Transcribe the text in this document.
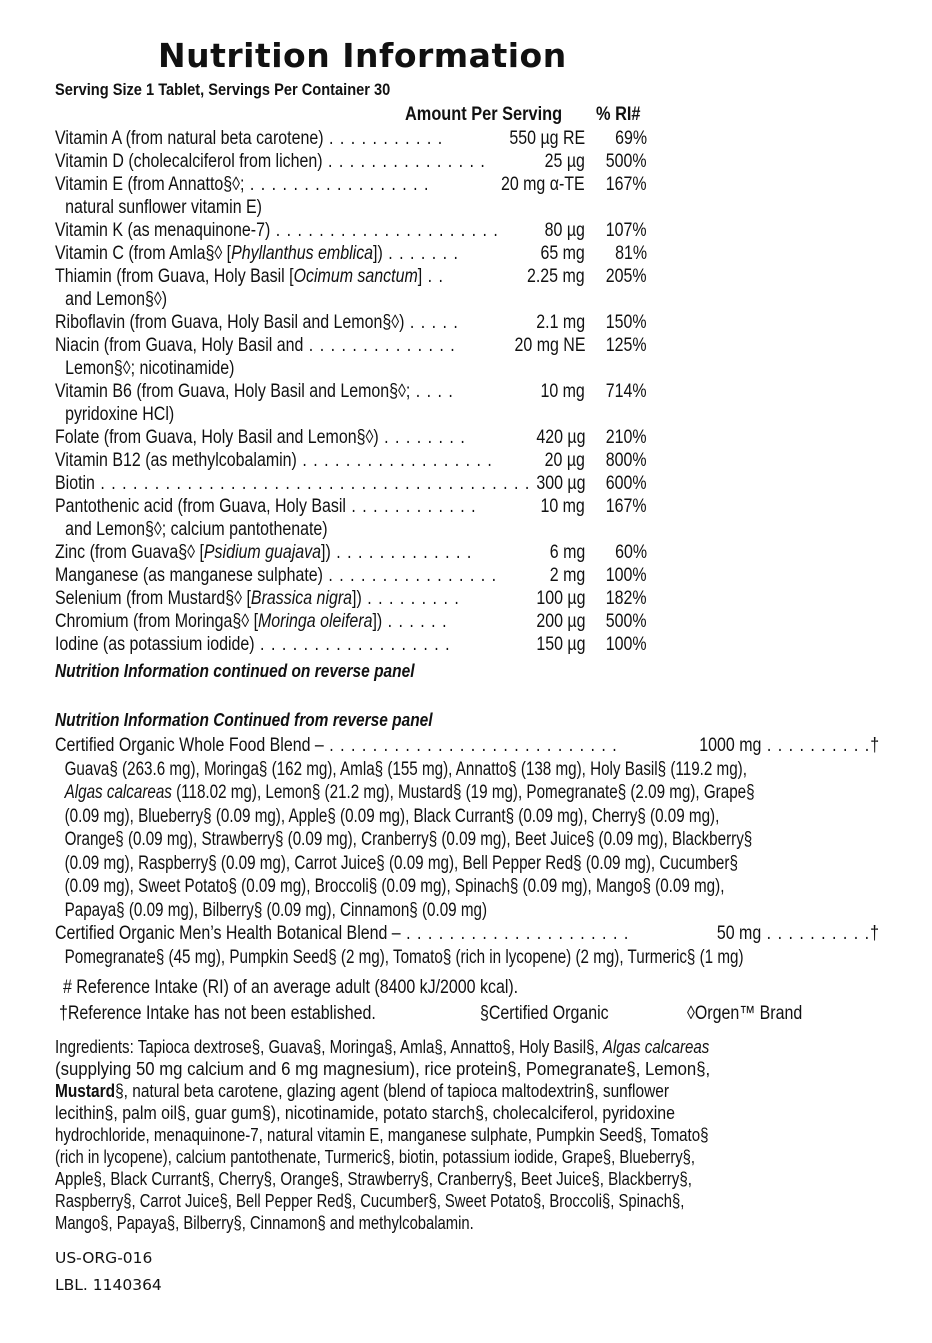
Nutrition Information
Serving Size 1 Tablet, Servings Per Container 30
Amount Per Serving % RI#
Vitamin A (from natural beta carotene) . . . . . . . . . . .	550 µg RE 69%
Vitamin D (cholecalciferol from lichen) . . . . . . . . . . . . . . .	25 µg 500%
Vitamin E (from Annatto§◊; . . . . . . . . . . . . . . . . .	20 mg α-TE 167%
natural sunflower vitamin E)
Vitamin K (as menaquinone-7) . . . . . . . . . . . . . . . . . . . . . 80 µg 107%
Vitamin C (from Amla§◊ [Phyllanthus emblica]) . . . . . . .	65 mg 81%
Thiamin (from Guava, Holy Basil [Ocimum sanctum] . .	2.25 mg 205%
and Lemon§◊)
Riboflavin (from Guava, Holy Basil and Lemon§◊) . . . . .	2.1 mg 150%
Niacin (from Guava, Holy Basil and . . . . . . . . . . . . . .	20 mg NE 125%
Lemon§◊; nicotinamide)
Vitamin B6 (from Guava, Holy Basil and Lemon§◊; . . . .	10 mg 714%
pyridoxine HCl)
Folate (from Guava, Holy Basil and Lemon§◊) . . . . . . . .	420 µg 210%
Vitamin B12 (as methylcobalamin) . . . . . . . . . . . . . . . . . .	20 µg 800%
Biotin . . . . . . . . . . . . . . . . . . . . . . . . . . . . . . . . . . . . . . . . 300 µg 600%
Pantothenic acid (from Guava, Holy Basil . . . . . . . . . . . .	10 mg 167%
and Lemon§◊; calcium pantothenate)
Zinc (from Guava§◊ [Psidium guajava]) . . . . . . . . . . . . .	6 mg 60%
Manganese (as manganese sulphate) . . . . . . . . . . . . . . . .	2 mg 100%
Selenium (from Mustard§◊ [Brassica nigra]) . . . . . . . . .	100 µg 182%
Chromium (from Moringa§◊ [Moringa oleifera]) . . . . . .	200 µg 500%
Iodine (as potassium iodide) . . . . . . . . . . . . . . . . . .	150 µg 100%
Nutrition Information continued on reverse panel
Nutrition Information Continued from reverse panel
Certified Organic Whole Food Blend – . . . . . . . . . . . . . . . . . . . . . . . . . . .	1000 mg . . . . . . . . . .†
Guava§ (263.6 mg), Moringa§ (162 mg), Amla§ (155 mg), Annatto§ (138 mg), Holy Basil§ (119.2 mg),
Algas calcareas (118.02 mg), Lemon§ (21.2 mg), Mustard§ (19 mg), Pomegranate§ (2.09 mg), Grape§
(0.09 mg), Blueberry§ (0.09 mg), Apple§ (0.09 mg), Black Currant§ (0.09 mg), Cherry§ (0.09 mg),
Orange§ (0.09 mg), Strawberry§ (0.09 mg), Cranberry§ (0.09 mg), Beet Juice§ (0.09 mg), Blackberry§
(0.09 mg), Raspberry§ (0.09 mg), Carrot Juice§ (0.09 mg), Bell Pepper Red§ (0.09 mg), Cucumber§
(0.09 mg), Sweet Potato§ (0.09 mg), Broccoli§ (0.09 mg), Spinach§ (0.09 mg), Mango§ (0.09 mg),
Papaya§ (0.09 mg), Bilberry§ (0.09 mg), Cinnamon§ (0.09 mg)
Certified Organic Men’s Health Botanical Blend – . . . . . . . . . . . . . . . . . . . . .	50 mg . . . . . . . . . .†
Pomegranate§ (45 mg), Pumpkin Seed§ (2 mg), Tomato§ (rich in lycopene) (2 mg), Turmeric§ (1 mg)
# Reference Intake (RI) of an average adult (8400 kJ/2000 kcal).
†Reference Intake has not been established.	§Certified Organic	◊Orgen™ Brand
Ingredients: Tapioca dextrose§, Guava§, Moringa§, Amla§, Annatto§, Holy Basil§, Algas calcareas
(supplying 50 mg calcium and 6 mg magnesium), rice protein§, Pomegranate§, Lemon§,
Mustard§, natural beta carotene, glazing agent (blend of tapioca maltodextrin§, sunflower
lecithin§, palm oil§, guar gum§), nicotinamide, potato starch§, cholecalciferol, pyridoxine
hydrochloride, menaquinone-7, natural vitamin E, manganese sulphate, Pumpkin Seed§, Tomato§
(rich in lycopene), calcium pantothenate, Turmeric§, biotin, potassium iodide, Grape§, Blueberry§,
Apple§, Black Currant§, Cherry§, Orange§, Strawberry§, Cranberry§, Beet Juice§, Blackberry§,
Raspberry§, Carrot Juice§, Bell Pepper Red§, Cucumber§, Sweet Potato§, Broccoli§, Spinach§,
Mango§, Papaya§, Bilberry§, Cinnamon§ and methylcobalamin.
US-ORG-016
LBL. 1140364
